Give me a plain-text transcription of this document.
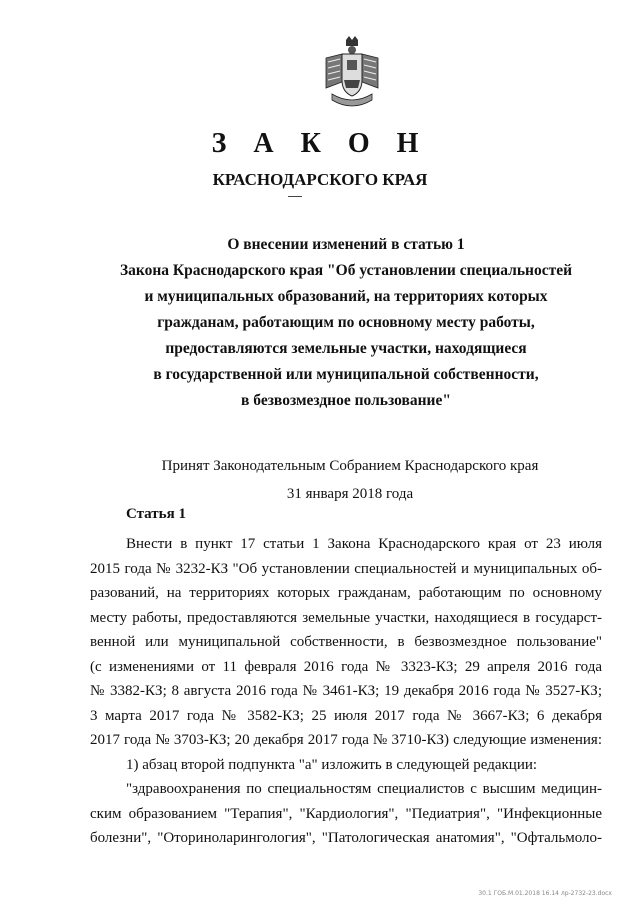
З А К О Н
КРАСНОДАРСКОГО КРАЯ
О внесении изменений в статью 1
Закона Краснодарского края "Об установлении специальностей
и муниципальных образований, на территориях которых
гражданам, работающим по основному месту работы,
предоставляются земельные участки, находящиеся
в государственной или муниципальной собственности,
в безвозмездное пользование"
Принят Законодательным Собранием Краснодарского края
31 января 2018 года
Статья 1
Внести в пункт 17 статьи 1 Закона Краснодарского края от 23 июля
2015 года № 3232-КЗ "Об установлении специальностей и муниципальных об-
разований, на территориях которых гражданам, работающим по основному
месту работы, предоставляются земельные участки, находящиеся в государст-
венной или муниципальной собственности, в безвозмездное пользование"
(с изменениями от 11 февраля 2016 года № 3323-КЗ; 29 апреля 2016 года
№ 3382-КЗ; 8 августа 2016 года № 3461-КЗ; 19 декабря 2016 года № 3527-КЗ;
3 марта 2017 года № 3582-КЗ; 25 июля 2017 года № 3667-КЗ; 6 декабря
2017 года № 3703-КЗ; 20 декабря 2017 года № 3710-КЗ) следующие изменения:
1) абзац второй подпункта "а" изложить в следующей редакции:
"здравоохранения по специальностям специалистов с высшим медицин-
ским образованием "Терапия", "Кардиология", "Педиатрия", "Инфекционные
болезни", "Оториноларингология", "Патологическая анатомия", "Офтальмоло-
30.1 ГОБ.М.01.2018 16.14 лр-2732-23.docx
